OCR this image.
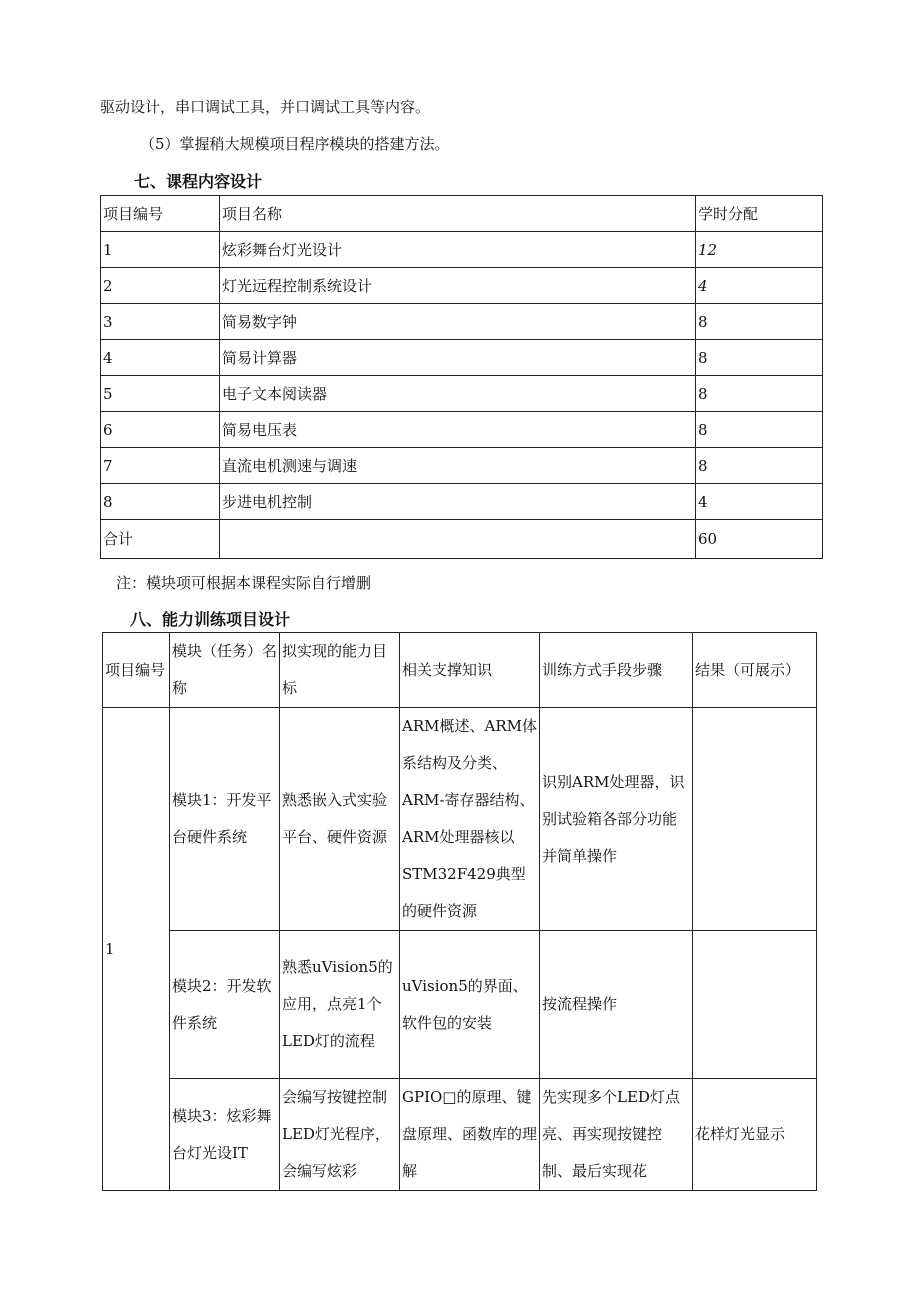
驱动设计，串口调试工具，并口调试工具等内容。
（5）掌握稍大规模项目程序模块的搭建方法。
七、课程内容设计
项目编号	项目名称	学时分配
1	炫彩舞台灯光设计	12
2	灯光远程控制系统设计	4
3	简易数字钟	8
4	简易计算器	8
5	电子文本阅读器	8
6	简易电压表	8
7	直流电机测速与调速	8
8	步进电机控制	4
合计		60
注：模块项可根据本课程实际自行增删
八、能力训练项目设计
项目编号	模块（任务）名称	拟实现的能力目标	相关支撑知识	训练方式手段步骤	结果（可展示）
1	模块1：开发平台硬件系统	熟悉嵌入式实验平台、硬件资源	ARM概述、ARM体系结构及分类、ARM-寄存器结构、ARM处理器核以STM32F429典型的硬件资源	识别ARM处理器，识别试验箱各部分功能并简单操作	
	模块2：开发软件系统	熟悉uVision5的应用，点亮1个LED灯的流程	uVision5的界面、软件包的安装	按流程操作	
	模块3：炫彩舞台灯光设IT	会编写按键控制LED灯光程序，会编写炫彩	GPIO□的原理、键盘原理、函数库的理解	先实现多个LED灯点亮、再实现按键控制、最后实现花	花样灯光显示
